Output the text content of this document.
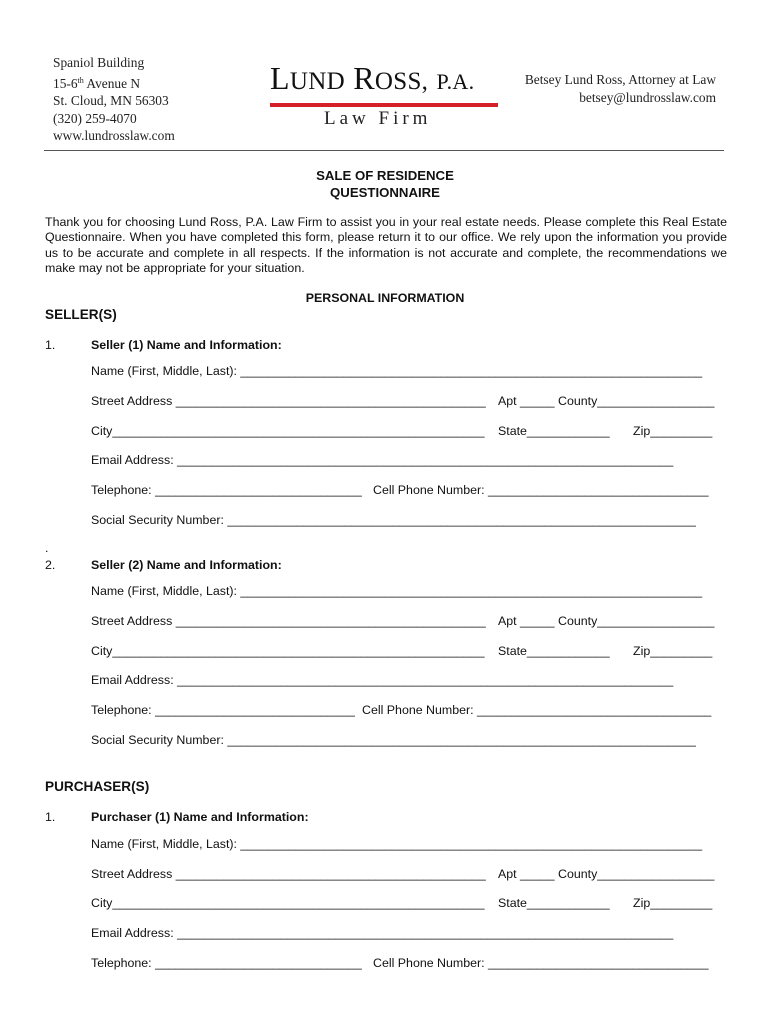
Spaniol Building
15-6th Avenue N
St. Cloud, MN 56303
(320) 259-4070
www.lundrosslaw.com
LUND ROSS, P.A.
Law Firm
Betsey Lund Ross, Attorney at Law
betsey@lundrosslaw.com
SALE OF RESIDENCE
QUESTIONNAIRE
Thank you for choosing Lund Ross, P.A. Law Firm to assist you in your real estate needs. Please complete this Real Estate Questionnaire. When you have completed this form, please return it to our office. We rely upon the information you provide us to be accurate and complete in all respects. If the information is not accurate and complete, the recommendations we make may not be appropriate for your situation.
PERSONAL INFORMATION
SELLER(S)
1.	Seller (1) Name and Information:
Name (First, Middle, Last): ___________________________________________________________________
Street Address _____________________________________________ Apt _____ County_________________
City______________________________________________________ State____________ Zip_________
Email Address: ________________________________________________________________________
Telephone: ______________________________ Cell Phone Number: ________________________________
Social Security Number: ____________________________________________________________________
.
2.	Seller (2) Name and Information:
Name (First, Middle, Last): ___________________________________________________________________
Street Address _____________________________________________ Apt _____ County_________________
City______________________________________________________ State____________ Zip_________
Email Address: ________________________________________________________________________
Telephone: _____________________________ Cell Phone Number: __________________________________
Social Security Number: ____________________________________________________________________
PURCHASER(S)
1.	Purchaser (1) Name and Information:
Name (First, Middle, Last): ___________________________________________________________________
Street Address _____________________________________________ Apt _____ County_________________
City______________________________________________________ State____________ Zip_________
Email Address: ________________________________________________________________________
Telephone: ______________________________ Cell Phone Number: ________________________________
